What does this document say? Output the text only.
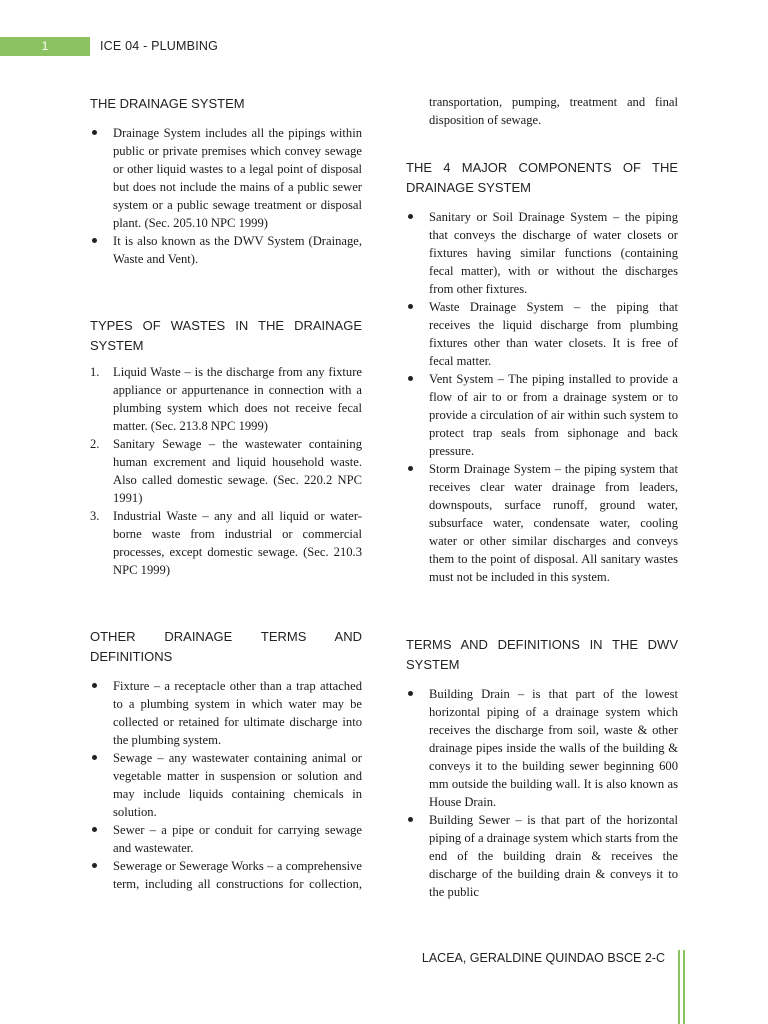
1	ICE 04 - PLUMBING
THE DRAINAGE SYSTEM
Drainage System includes all the pipings within public or private premises which convey sewage or other liquid wastes to a legal point of disposal but does not include the mains of a public sewer system or a public sewage treatment or disposal plant. (Sec. 205.10 NPC 1999)
It is also known as the DWV System (Drainage, Waste and Vent).
TYPES OF WASTES IN THE DRAINAGE
SYSTEM
1.	Liquid Waste – is the discharge from any fixture appliance or appurtenance in connection with a plumbing system which does not receive fecal matter. (Sec. 213.8 NPC 1999)
2.	Sanitary Sewage – the wastewater containing human excrement and liquid household waste. Also called domestic sewage. (Sec. 220.2 NPC 1991)
3.	Industrial Waste – any and all liquid or water-borne waste from industrial or commercial processes, except domestic sewage. (Sec. 210.3 NPC 1999)
OTHER DRAINAGE TERMS AND
DEFINITIONS
Fixture – a receptacle other than a trap attached to a plumbing system in which water may be collected or retained for ultimate discharge into the plumbing system.
Sewage – any wastewater containing animal or vegetable matter in suspension or solution and may include liquids containing chemicals in solution.
Sewer – a pipe or conduit for carrying sewage and wastewater.
Sewerage or Sewerage Works – a comprehensive term, including all constructions for collection,
transportation, pumping, treatment and final disposition of sewage.
THE 4 MAJOR COMPONENTS OF THE
DRAINAGE SYSTEM
Sanitary or Soil Drainage System – the piping that conveys the discharge of water closets or fixtures having similar functions (containing fecal matter), with or without the discharges from other fixtures.
Waste Drainage System – the piping that receives the liquid discharge from plumbing fixtures other than water closets. It is free of fecal matter.
Vent System – The piping installed to provide a flow of air to or from a drainage system or to provide a circulation of air within such system to protect trap seals from siphonage and back pressure.
Storm Drainage System – the piping system that receives clear water drainage from leaders, downspouts, surface runoff, ground water, subsurface water, condensate water, cooling water or other similar discharges and conveys them to the point of disposal. All sanitary wastes must not be included in this system.
TERMS AND DEFINITIONS IN THE DWV
SYSTEM
Building Drain – is that part of the lowest horizontal piping of a drainage system which receives the discharge from soil, waste & other drainage pipes inside the walls of the building & conveys it to the building sewer beginning 600 mm outside the building wall. It is also known as House Drain.
Building Sewer – is that part of the horizontal piping of a drainage system which starts from the end of the building drain & receives the discharge of the building drain & conveys it to the public
LACEA, GERALDINE QUINDAO BSCE 2-C
